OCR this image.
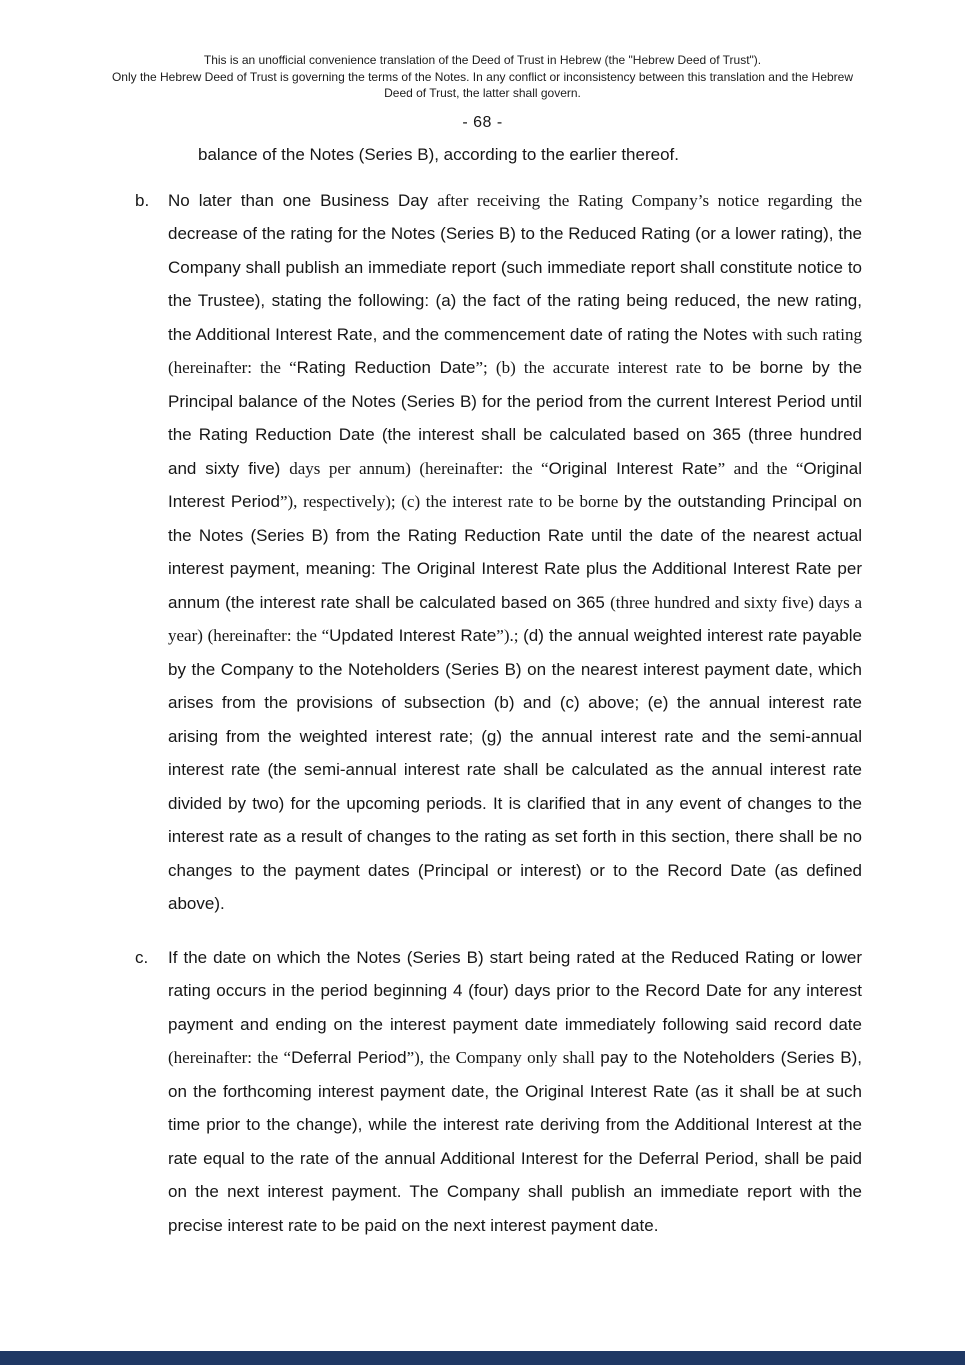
This is an unofficial convenience translation of the Deed of Trust in Hebrew (the "Hebrew Deed of Trust").
Only the Hebrew Deed of Trust is governing the terms of the Notes. In any conflict or inconsistency between this translation and the Hebrew
Deed of Trust, the latter shall govern.
- 68 -
balance of the Notes (Series B), according to the earlier thereof.
b.	No later than one Business Day after receiving the Rating Company’s notice regarding the decrease of the rating for the Notes (Series B) to the Reduced Rating (or a lower rating), the Company shall publish an immediate report (such immediate report shall constitute notice to the Trustee), stating the following: (a) the fact of the rating being reduced, the new rating, the Additional Interest Rate, and the commencement date of rating the Notes with such rating (hereinafter: the “Rating Reduction Date”; (b) the accurate interest rate to be borne by the Principal balance of the Notes (Series B) for the period from the current Interest Period until the Rating Reduction Date (the interest shall be calculated based on 365 (three hundred and sixty five) days per annum) (hereinafter: the “Original Interest Rate” and the “Original Interest Period”), respectively); (c) the interest rate to be borne by the outstanding Principal on the Notes (Series B) from the Rating Reduction Rate until the date of the nearest actual interest payment, meaning: The Original Interest Rate plus the Additional Interest Rate per annum (the interest rate shall be calculated based on 365 (three hundred and sixty five) days a year) (hereinafter: the “Updated Interest Rate”).; (d) the annual weighted interest rate payable by the Company to the Noteholders (Series B) on the nearest interest payment date, which arises from the provisions of subsection (b) and (c) above; (e) the annual interest rate arising from the weighted interest rate; (g) the annual interest rate and the semi-annual interest rate (the semi-annual interest rate shall be calculated as the annual interest rate divided by two) for the upcoming periods. It is clarified that in any event of changes to the interest rate as a result of changes to the rating as set forth in this section, there shall be no changes to the payment dates (Principal or interest) or to the Record Date (as defined above).
c.	If the date on which the Notes (Series B) start being rated at the Reduced Rating or lower rating occurs in the period beginning 4 (four) days prior to the Record Date for any interest payment and ending on the interest payment date immediately following said record date (hereinafter: the “Deferral Period”), the Company only shall pay to the Noteholders (Series B), on the forthcoming interest payment date, the Original Interest Rate (as it shall be at such time prior to the change), while the interest rate deriving from the Additional Interest at the rate equal to the rate of the annual Additional Interest for the Deferral Period, shall be paid on the next interest payment. The Company shall publish an immediate report with the precise interest rate to be paid on the next interest payment date.
